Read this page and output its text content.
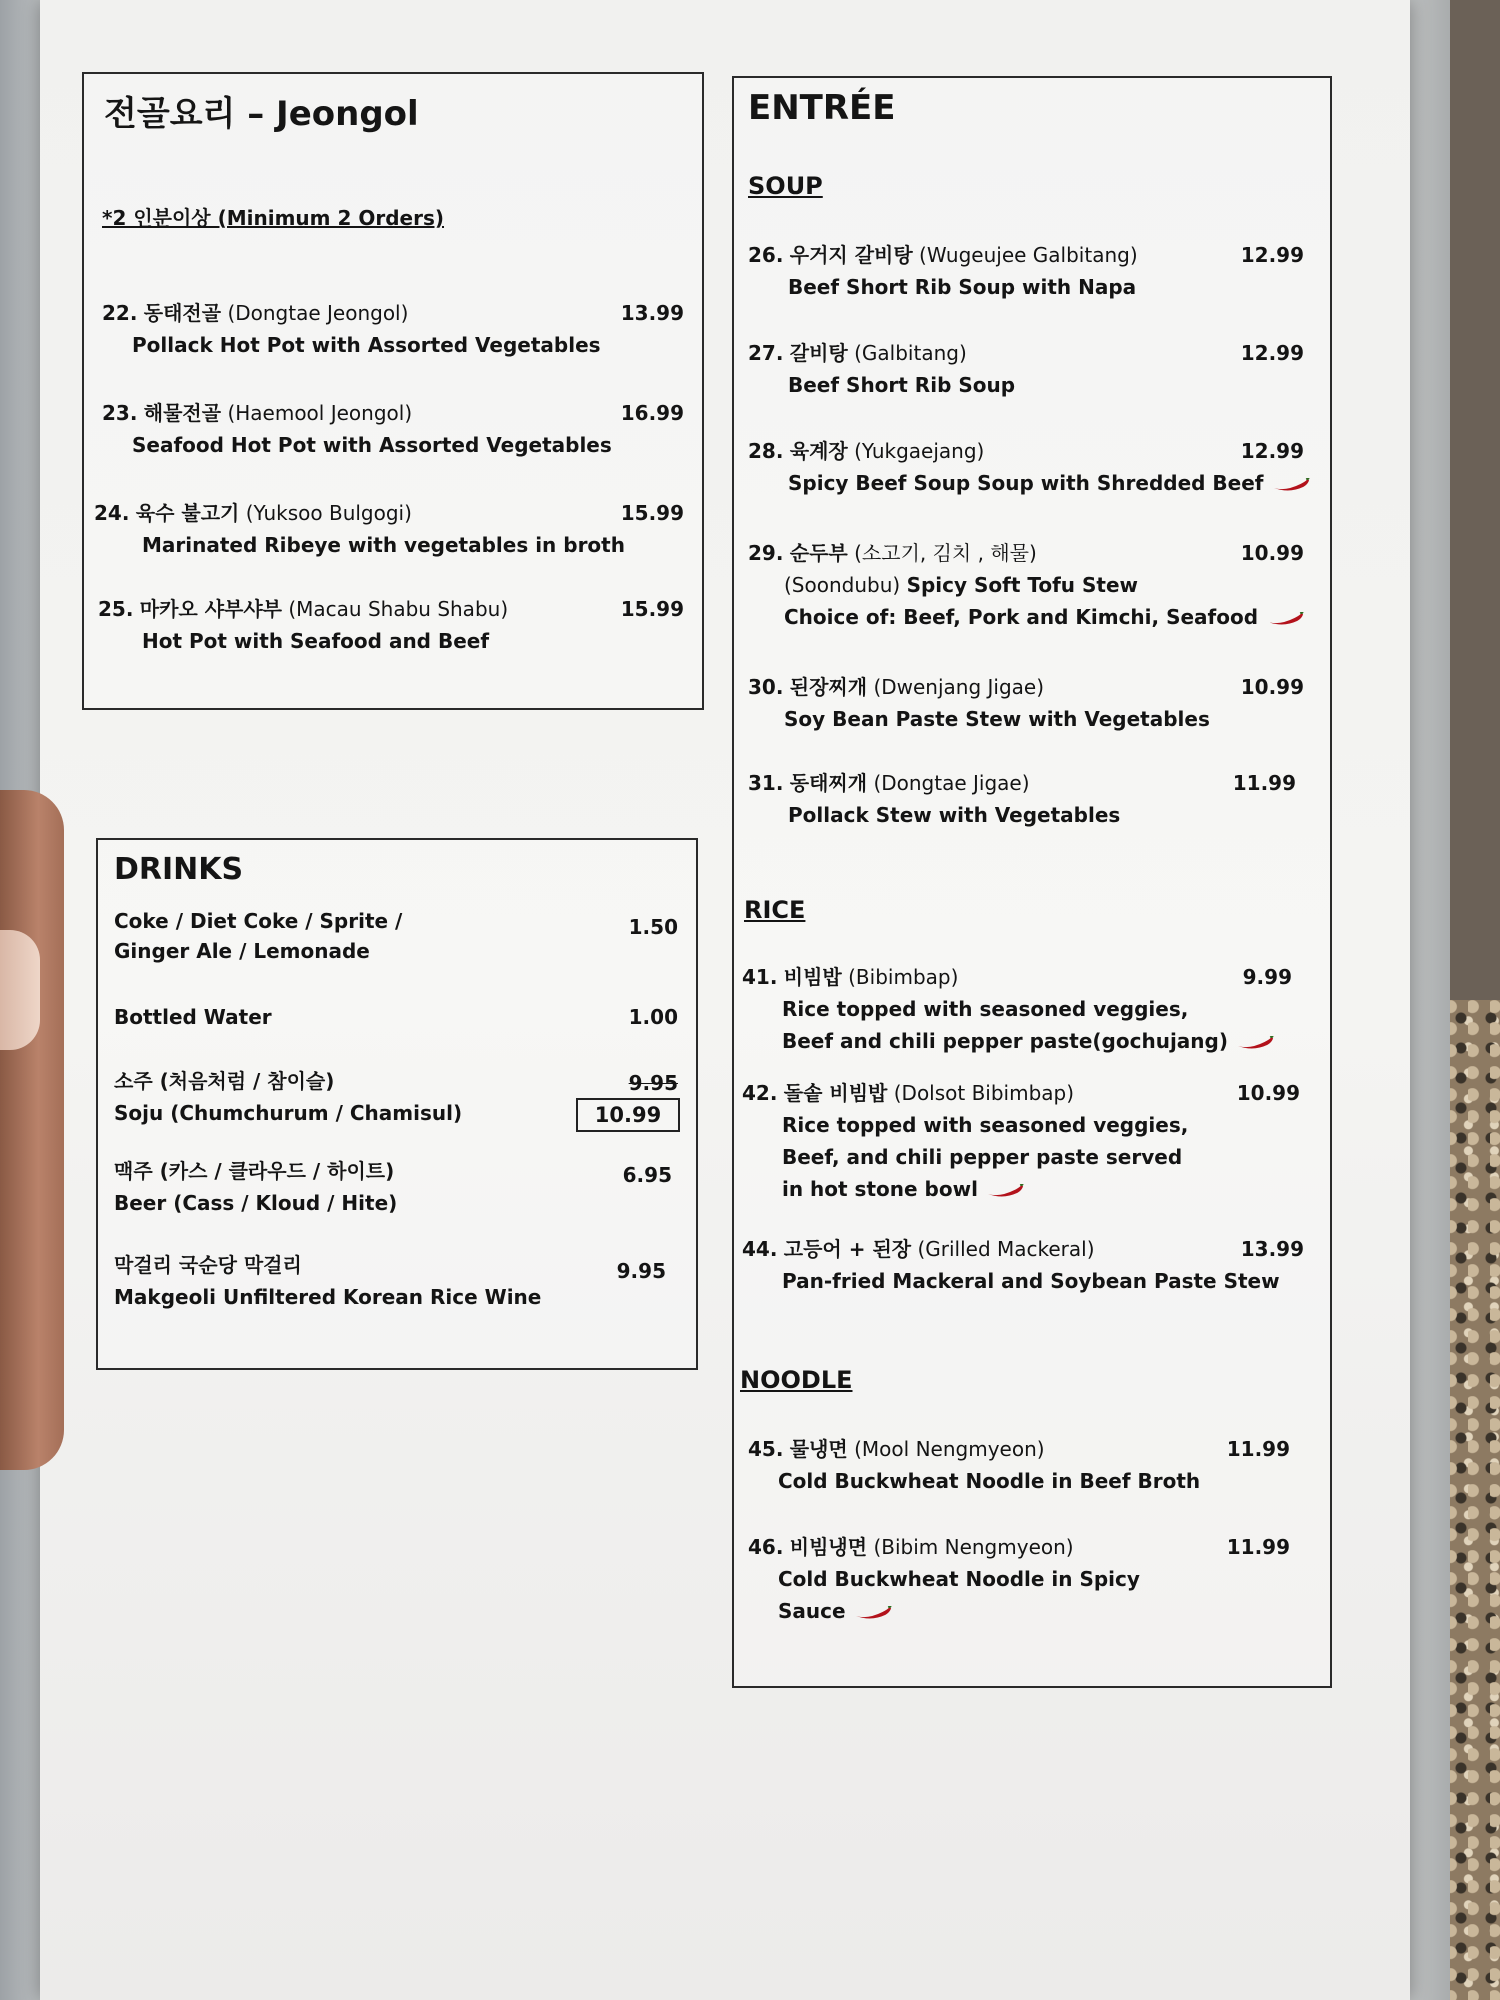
전골요리 – Jeongol
*2 인분이상 (Minimum 2 Orders)
22. 동태전골 (Dongtae Jeongol)
Pollack Hot Pot with Assorted Vegetables
13.99
23. 해물전골 (Haemool Jeongol)
Seafood Hot Pot with Assorted Vegetables
16.99
24. 육수 불고기 (Yuksoo Bulgogi)
Marinated Ribeye with vegetables in broth
15.99
25. 마카오 샤부샤부 (Macau Shabu Shabu)
Hot Pot with Seafood and Beef
15.99
DRINKS
Coke / Diet Coke / Sprite /
Ginger Ale / Lemonade
1.50
Bottled Water	1.00
소주 (처음처럼 / 참이슬)
Soju (Chumchurum / Chamisul)
9.95
10.99
맥주 (카스 / 클라우드 / 하이트)
Beer (Cass / Kloud / Hite)
6.95
막걸리 국순당 막걸리
Makgeoli Unfiltered Korean Rice Wine
9.95
ENTRÉE
SOUP
26. 우거지 갈비탕 (Wugeujee Galbitang)
Beef Short Rib Soup with Napa
12.99
27. 갈비탕 (Galbitang)
Beef Short Rib Soup
12.99
28. 육계장 (Yukgaejang)
Spicy Beef Soup Soup with Shredded Beef
12.99
29. 순두부 (소고기, 김치 , 해물)
(Soondubu) Spicy Soft Tofu Stew
Choice of: Beef, Pork and Kimchi, Seafood
10.99
30. 된장찌개 (Dwenjang Jigae)
Soy Bean Paste Stew with Vegetables
10.99
31. 동태찌개 (Dongtae Jigae)
Pollack Stew with Vegetables
11.99
RICE
41. 비빔밥 (Bibimbap)
Rice topped with seasoned veggies,
Beef and chili pepper paste(gochujang)
9.99
42. 돌솥 비빔밥 (Dolsot Bibimbap)
Rice topped with seasoned veggies,
Beef, and chili pepper paste served
in hot stone bowl
10.99
44. 고등어 + 된장 (Grilled Mackeral)
Pan-fried Mackeral and Soybean Paste Stew
13.99
NOODLE
45. 물냉면 (Mool Nengmyeon)
Cold Buckwheat Noodle in Beef Broth
11.99
46. 비빔냉면 (Bibim Nengmyeon)
Cold Buckwheat Noodle in Spicy
Sauce
11.99
